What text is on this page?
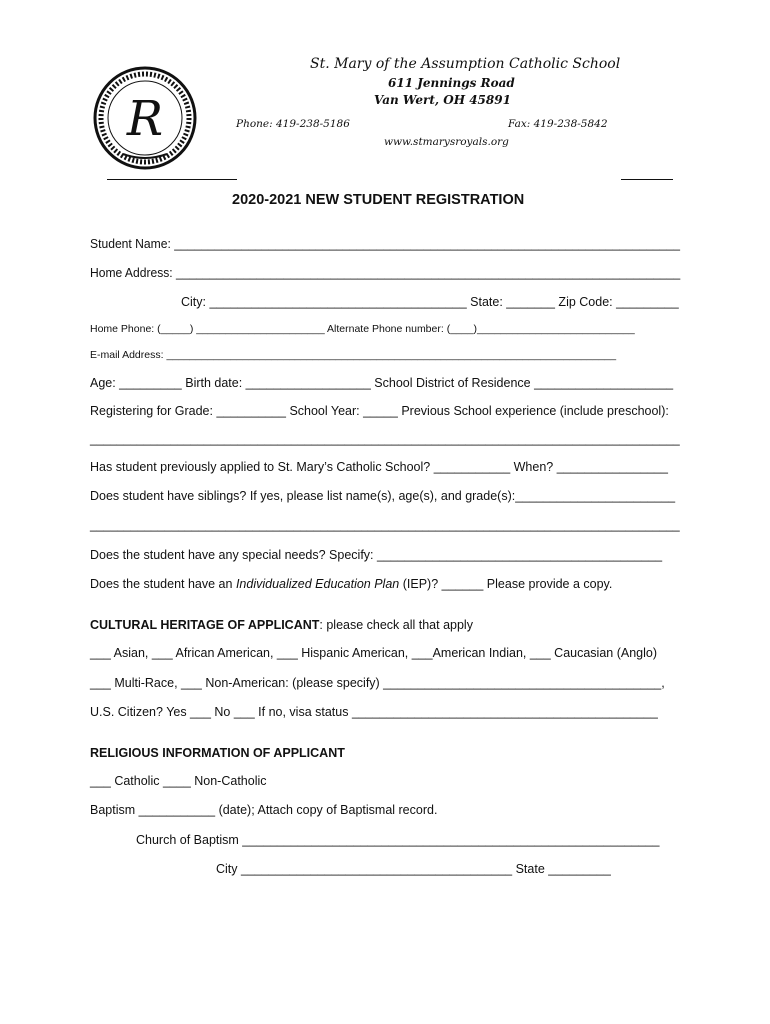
R
St. Mary of the Assumption Catholic School
611 Jennings Road
Van Wert, OH 45891
Phone: 419-238-5186	Fax: 419-238-5842
www.stmarysroyals.org
2020-2021 NEW STUDENT REGISTRATION
Student Name: ___________________________________________________________________________
Home Address: ___________________________________________________________________________
City: _____________________________________ State: _______ Zip Code: _________
Home Phone: (_____) ______________________ Alternate Phone number: (____)___________________________
E-mail Address: _____________________________________________________________________________
Age: _________ Birth date: __________________ School District of Residence ____________________
Registering for Grade: __________ School Year: _____ Previous School experience (include preschool):
________________________________________________________________________________________
Has student previously applied to St. Mary’s Catholic School? ___________ When? ________________
Does student have siblings? If yes, please list name(s), age(s), and grade(s):_______________________
_______________________________________________________________________________________
Does the student have any special needs? Specify: _________________________________________
Does the student have an Individualized Education Plan (IEP)? ______ Please provide a copy.
CULTURAL HERITAGE OF APPLICANT: please check all that apply
___ Asian, ___ African American, ___ Hispanic American, ___American Indian, ___ Caucasian (Anglo)
___ Multi-Race, ___ Non-American: (please specify) ________________________________________,
U.S. Citizen? Yes ___ No ___ If no, visa status ____________________________________________
RELIGIOUS INFORMATION OF APPLICANT
___ Catholic ____ Non-Catholic
Baptism ___________ (date); Attach copy of Baptismal record.
Church of Baptism ____________________________________________________________
City _______________________________________ State _________
